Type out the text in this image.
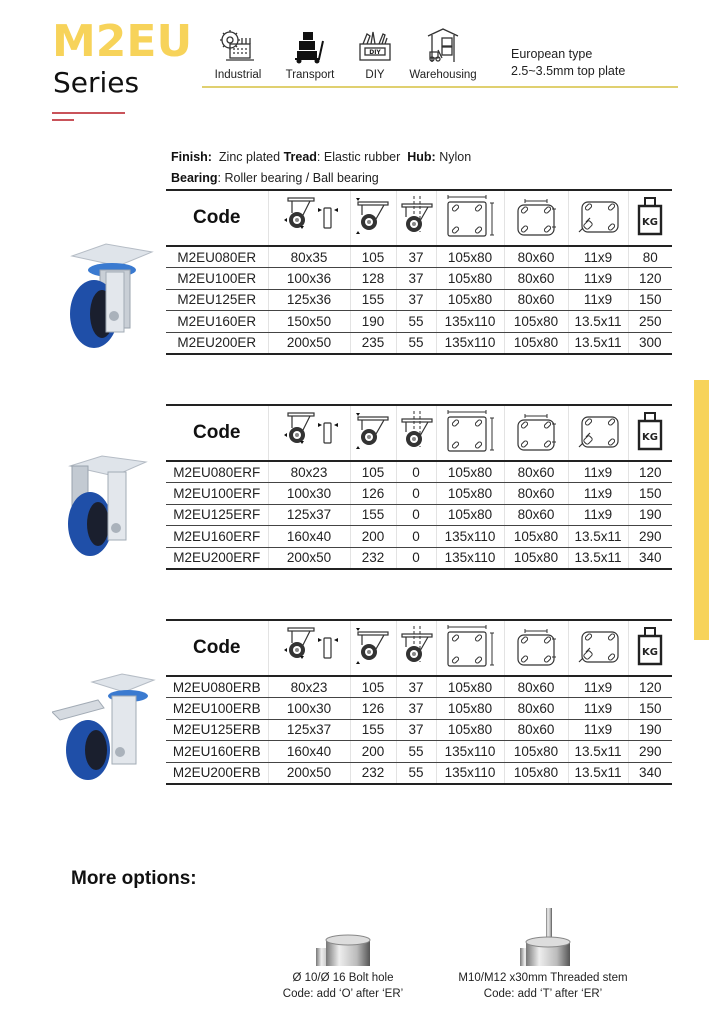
M2EU
Series	Industrial Transport
DIY
DIY Warehousing
European type
2.5~3.5mm top plate
Finish: Zinc plated Tread: Elastic rubber Hub: Nylon
Bearing: Roller bearing / Ball bearing
Code							
M2EU080ER	80x35	105	37	105x80	80x60	11x9	80
M2EU100ER	100x36	128	37	105x80	80x60	11x9	120
M2EU125ER	125x36	155	37	105x80	80x60	11x9	150
M2EU160ER	150x50	190	55	135x110	105x80	13.5x11	250
M2EU200ER	200x50	235	55	135x110	105x80	13.5x11	300
Code							
M2EU080ERF	80x23	105	0	105x80	80x60	11x9	120
M2EU100ERF	100x30	126	0	105x80	80x60	11x9	150
M2EU125ERF	125x37	155	0	105x80	80x60	11x9	190
M2EU160ERF	160x40	200	0	135x110	105x80	13.5x11	290
M2EU200ERF	200x50	232	0	135x110	105x80	13.5x11	340
Code							
M2EU080ERB	80x23	105	37	105x80	80x60	11x9	120
M2EU100ERB	100x30	126	37	105x80	80x60	11x9	150
M2EU125ERB	125x37	155	37	105x80	80x60	11x9	190
M2EU160ERB	160x40	200	55	135x110	105x80	13.5x11	290
M2EU200ERB	200x50	232	55	135x110	105x80	13.5x11	340
More options:
Ø 10/Ø 16 Bolt hole
Code: add ‘O’ after ‘ER’
M10/M12 x30mm Threaded stem
Code: add ‘T’ after ‘ER’
